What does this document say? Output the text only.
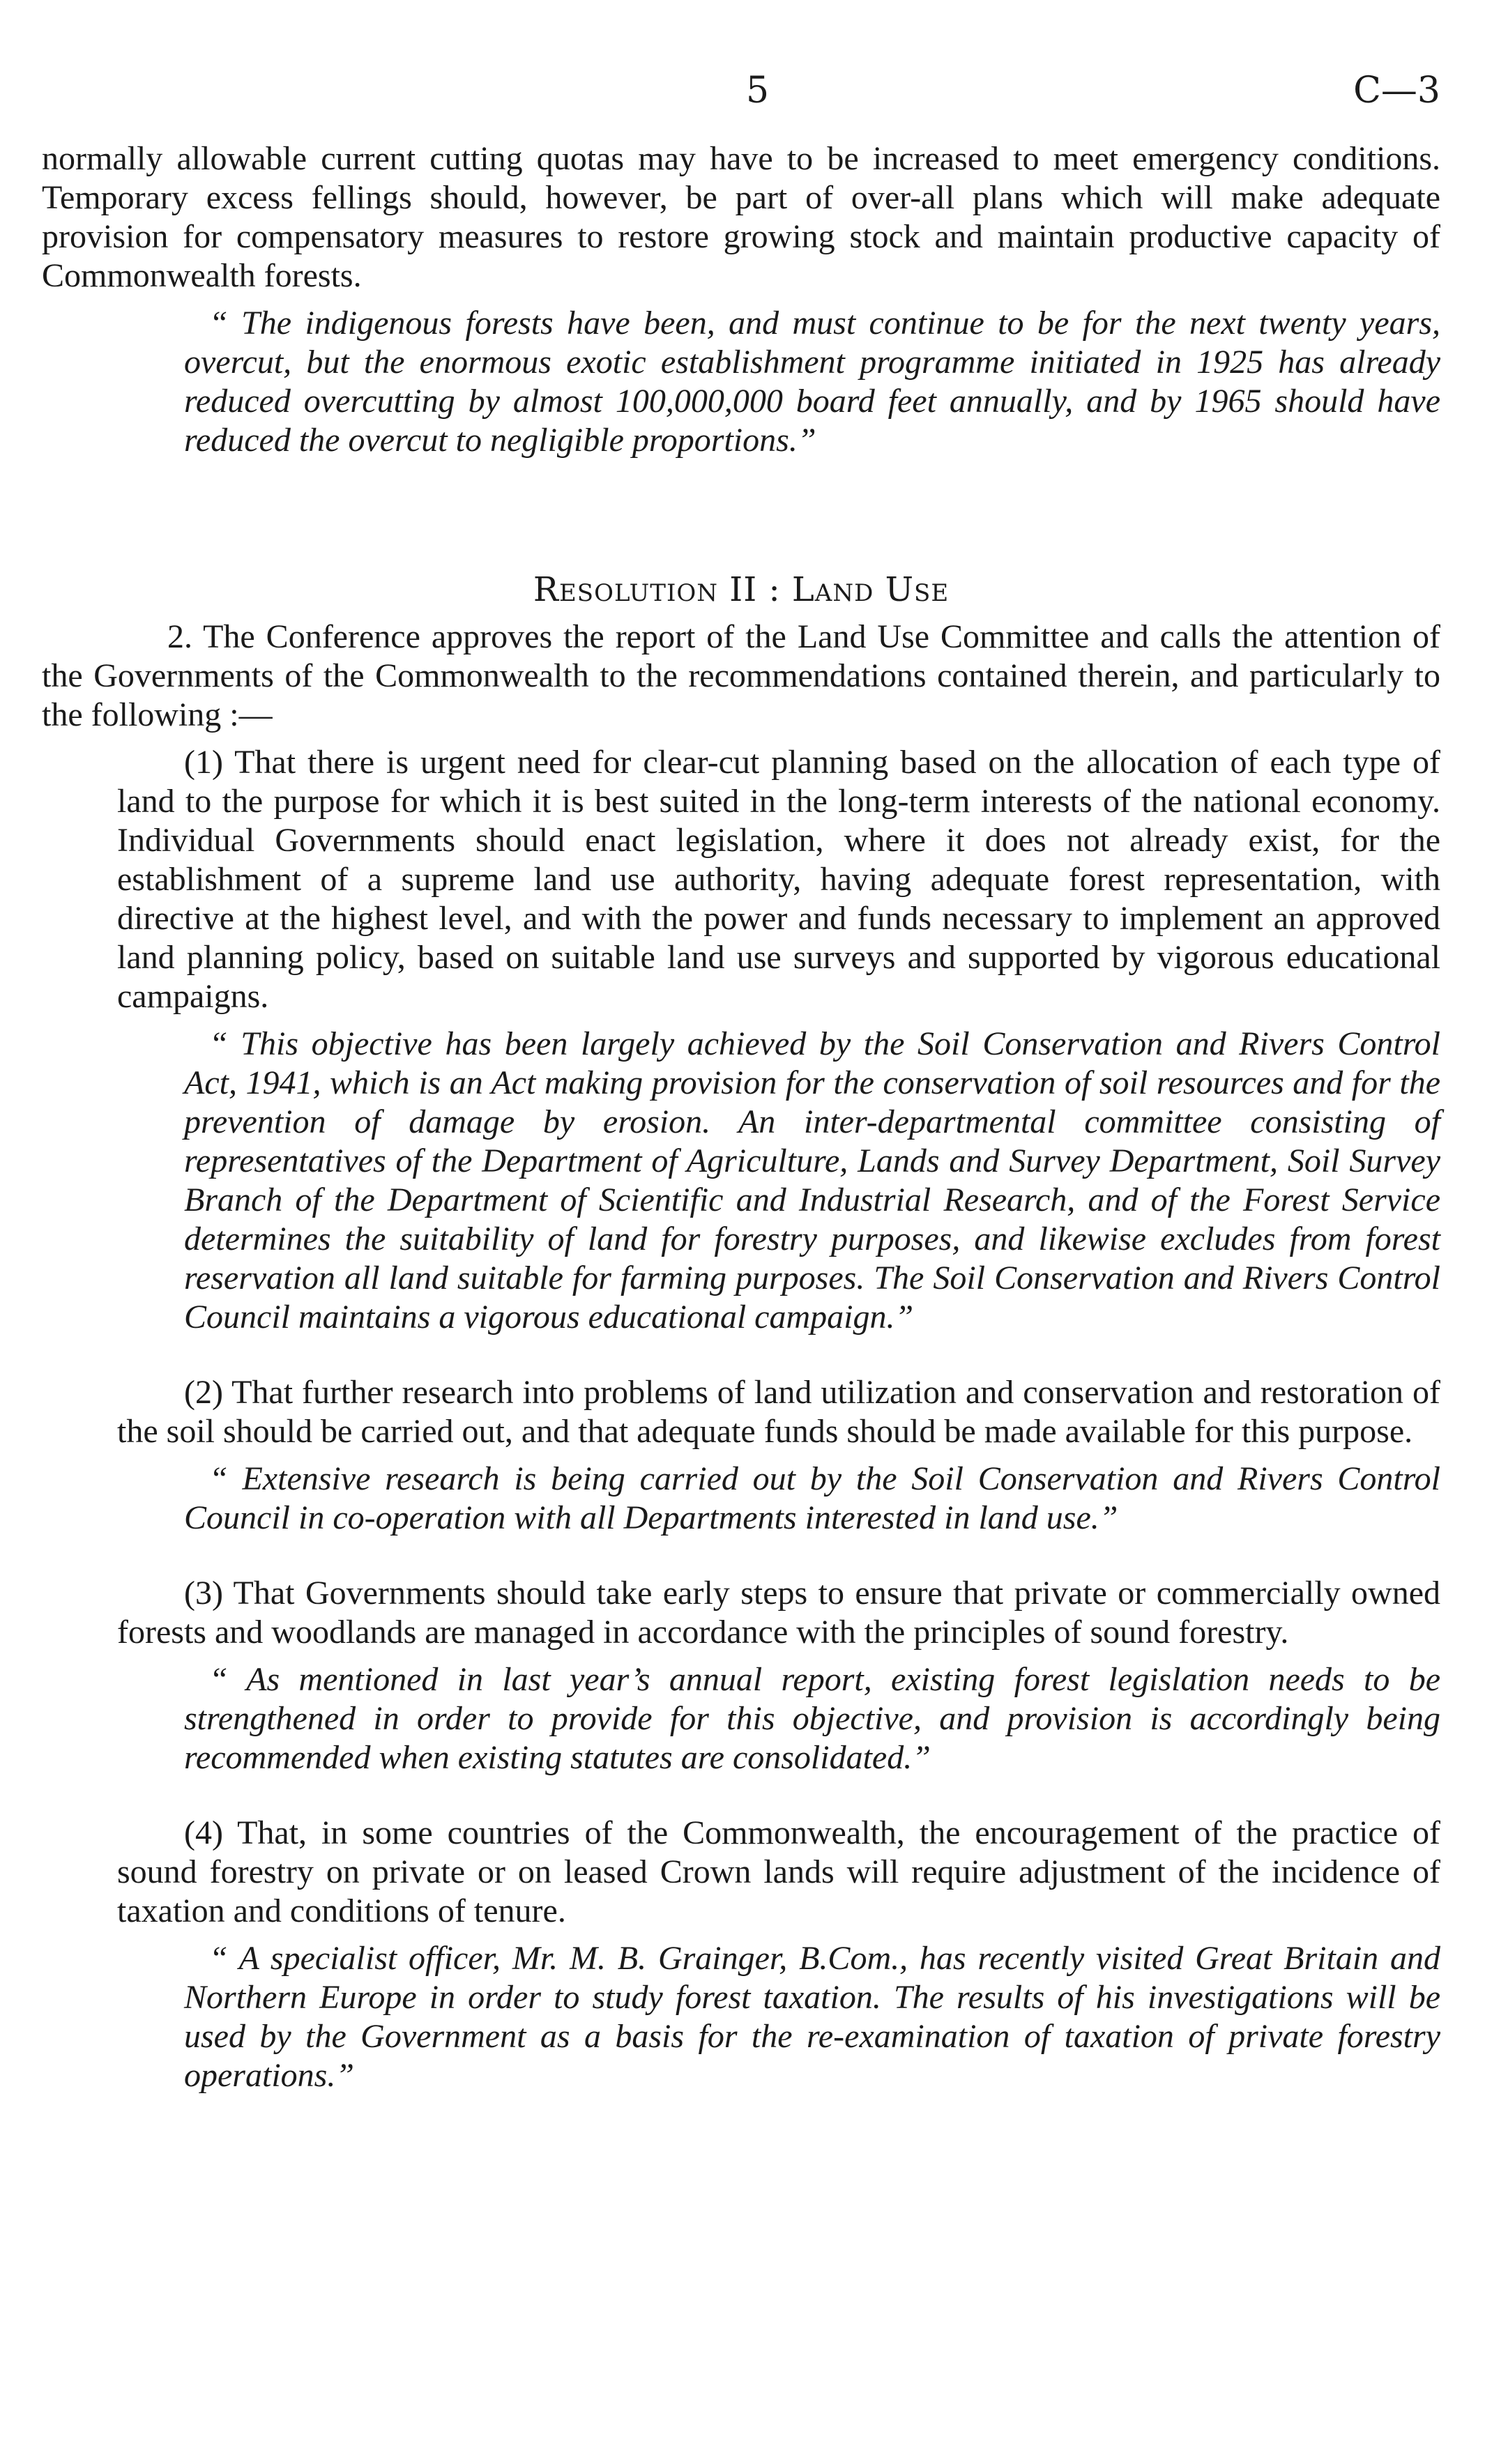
5	C—3

normally allowable current cutting quotas may have to be increased to meet emergency conditions. Temporary excess fellings should, however, be part of over-all plans which will make adequate provision for compensatory measures to restore growing stock and maintain productive capacity of Commonwealth forests.

“ The indigenous forests have been, and must continue to be for the next twenty years, overcut, but the enormous exotic establishment programme initiated in 1925 has already reduced overcutting by almost 100,000,000 board feet annually, and by 1965 should have reduced the overcut to negligible proportions.”

Resolution II : Land Use

2. The Conference approves the report of the Land Use Committee and calls the attention of the Governments of the Commonwealth to the recommendations contained therein, and particularly to the following :—

(1) That there is urgent need for clear-cut planning based on the allocation of each type of land to the purpose for which it is best suited in the long-term interests of the national economy. Individual Governments should enact legislation, where it does not already exist, for the establishment of a supreme land use authority, having adequate forest representation, with directive at the highest level, and with the power and funds necessary to implement an approved land planning policy, based on suitable land use surveys and supported by vigorous educational campaigns.

“ This objective has been largely achieved by the Soil Conservation and Rivers Control Act, 1941, which is an Act making provision for the conservation of soil resources and for the prevention of damage by erosion. An inter-departmental committee consisting of representatives of the Department of Agriculture, Lands and Survey Department, Soil Survey Branch of the Department of Scientific and Industrial Research, and of the Forest Service determines the suitability of land for forestry purposes, and likewise excludes from forest reservation all land suitable for farming purposes. The Soil Conservation and Rivers Control Council maintains a vigorous educational campaign.”

(2) That further research into problems of land utilization and conservation and restoration of the soil should be carried out, and that adequate funds should be made available for this purpose.

“ Extensive research is being carried out by the Soil Conservation and Rivers Control Council in co-operation with all Departments interested in land use.”

(3) That Governments should take early steps to ensure that private or commercially owned forests and woodlands are managed in accordance with the principles of sound forestry.

“ As mentioned in last year’s annual report, existing forest legislation needs to be strengthened in order to provide for this objective, and provision is accordingly being recommended when existing statutes are consolidated.”

(4) That, in some countries of the Commonwealth, the encouragement of the practice of sound forestry on private or on leased Crown lands will require adjustment of the incidence of taxation and conditions of tenure.

“ A specialist officer, Mr. M. B. Grainger, B.Com., has recently visited Great Britain and Northern Europe in order to study forest taxation. The results of his investigations will be used by the Government as a basis for the re-examination of taxation of private forestry operations.”
